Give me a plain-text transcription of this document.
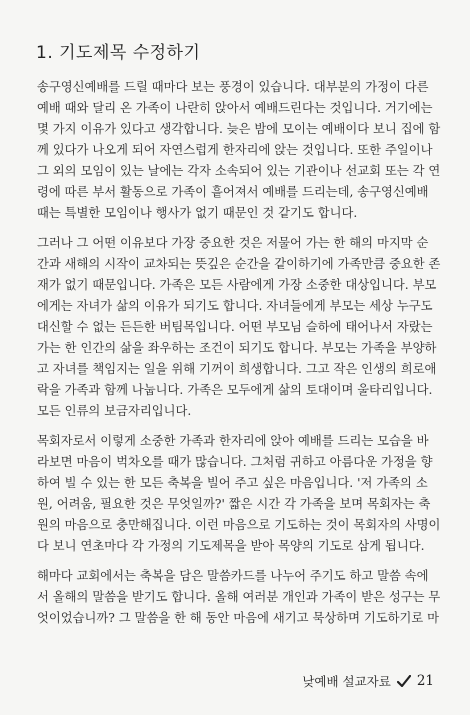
1. 기도제목 수정하기

송구영신예배를 드릴 때마다 보는 풍경이 있습니다. 대부분의 가정이 다른
예배 때와 달리 온 가족이 나란히 앉아서 예배드린다는 것입니다. 거기에는
몇 가지 이유가 있다고 생각합니다. 늦은 밤에 모이는 예배이다 보니 집에 함
께 있다가 나오게 되어 자연스럽게 한자리에 앉는 것입니다. 또한 주일이나
그 외의 모임이 있는 날에는 각자 소속되어 있는 기관이나 선교회 또는 각 연
령에 따른 부서 활동으로 가족이 흩어져서 예배를 드리는데, 송구영신예배
때는 특별한 모임이나 행사가 없기 때문인 것 같기도 합니다.

그러나 그 어떤 이유보다 가장 중요한 것은 저물어 가는 한 해의 마지막 순
간과 새해의 시작이 교차되는 뜻깊은 순간을 같이하기에 가족만큼 중요한 존
재가 없기 때문입니다. 가족은 모든 사람에게 가장 소중한 대상입니다. 부모
에게는 자녀가 삶의 이유가 되기도 합니다. 자녀들에게 부모는 세상 누구도
대신할 수 없는 든든한 버팀목입니다. 어떤 부모님 슬하에 태어나서 자랐는
가는 한 인간의 삶을 좌우하는 조건이 되기도 합니다. 부모는 가족을 부양하
고 자녀를 책임지는 일을 위해 기꺼이 희생합니다. 그고 작은 인생의 희로애
락을 가족과 함께 나눕니다. 가족은 모두에게 삶의 토대이며 울타리입니다.
모든 인류의 보금자리입니다.

목회자로서 이렇게 소중한 가족과 한자리에 앉아 예배를 드리는 모습을 바
라보면 마음이 벅차오를 때가 많습니다. 그처럼 귀하고 아름다운 가정을 향
하여 빌 수 있는 한 모든 축복을 빌어 주고 싶은 마음입니다. '저 가족의 소
원, 어려움, 필요한 것은 무엇일까?' 짧은 시간 각 가족을 보며 목회자는 축
원의 마음으로 충만해집니다. 이런 마음으로 기도하는 것이 목회자의 사명이
다 보니 연초마다 각 가정의 기도제목을 받아 목양의 기도로 삼게 됩니다.

해마다 교회에서는 축복을 담은 말씀카드를 나누어 주기도 하고 말씀 속에
서 올해의 말씀을 받기도 합니다. 올해 여러분 개인과 가족이 받은 성구는 무
엇이었습니까? 그 말씀을 한 해 동안 마음에 새기고 묵상하며 기도하기로 마

낮예배 설교자료 21
